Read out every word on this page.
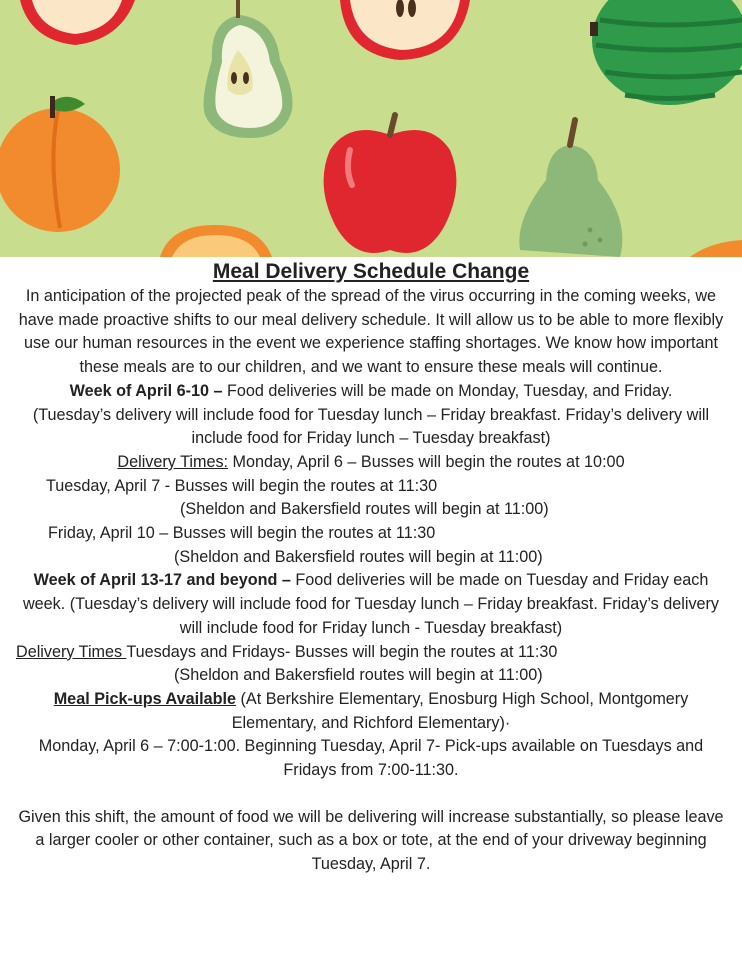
Meal Delivery Schedule Change

In anticipation of the projected peak of the spread of the virus occurring in the coming weeks, we have made proactive shifts to our meal delivery schedule. It will allow us to be able to more flexibly use our human resources in the event we experience staffing shortages. We know how important these meals are to our children, and we want to ensure these meals will continue.

Week of April 6-10 – Food deliveries will be made on Monday, Tuesday, and Friday.
(Tuesday’s delivery will include food for Tuesday lunch – Friday breakfast. Friday’s delivery will include food for Friday lunch – Tuesday breakfast)

Delivery Times: Monday, April 6 – Busses will begin the routes at 10:00

Tuesday, April 7 - Busses will begin the routes at 11:30

(Sheldon and Bakersfield routes will begin at 11:00)

Friday, April 10 – Busses will begin the routes at 11:30

(Sheldon and Bakersfield routes will begin at 11:00)

Week of April 13-17 and beyond – Food deliveries will be made on Tuesday and Friday each week. (Tuesday’s delivery will include food for Tuesday lunch – Friday breakfast. Friday’s delivery will include food for Friday lunch - Tuesday breakfast)

Delivery Times Tuesdays and Fridays- Busses will begin the routes at 11:30

(Sheldon and Bakersfield routes will begin at 11:00)

Meal Pick-ups Available (At Berkshire Elementary, Enosburg High School, Montgomery Elementary, and Richford Elementary)·

Monday, April 6 – 7:00-1:00. Beginning Tuesday, April 7- Pick-ups available on Tuesdays and Fridays from 7:00-11:30.

Given this shift, the amount of food we will be delivering will increase substantially, so please leave a larger cooler or other container, such as a box or tote, at the end of your driveway beginning Tuesday, April 7.
